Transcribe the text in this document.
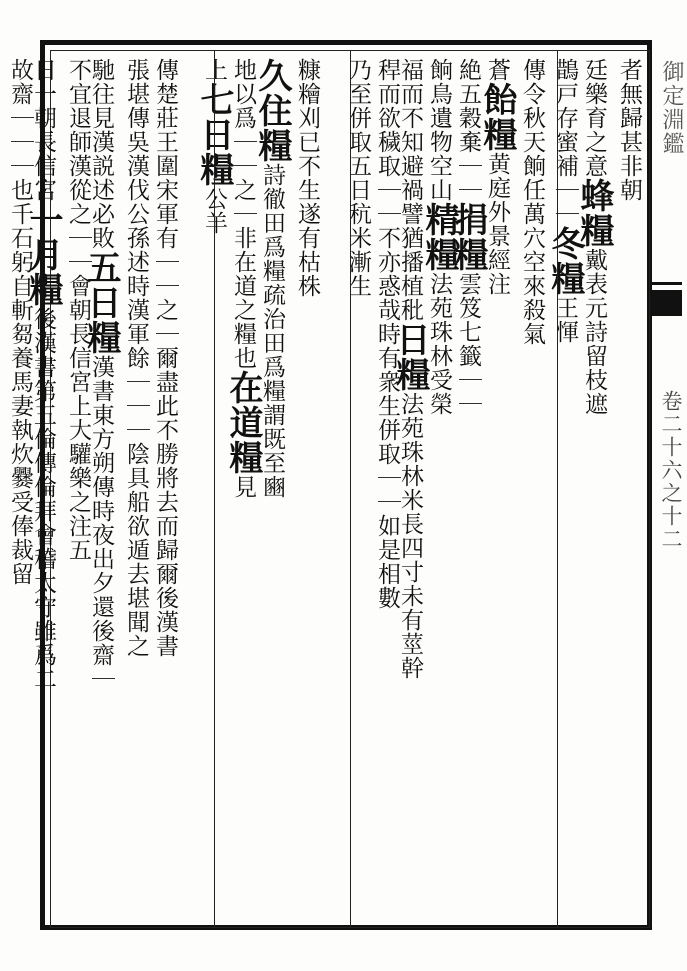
御定淵鑑
卷二十六之十二
者無歸甚非朝
廷樂育之意蜂糧戴表元詩留枝遮
鵲戸存蜜補｜｜冬糧王惲
傳令秋天餉任萬穴空來殺氣
蒼飴糧黄庭外景經注
絶五穀棄｜｜捐糧雲笈七籤｜｜
餉鳥遺物空山精糧法苑珠林受榮
福而不知避禍譬猶播植秕日糧法苑珠林米長四寸未有莖幹
稈而欲穢取｜｜不亦惑哉時有衆生併取｜｜如是相數
乃至併取五日秔米漸生
糠糩刈已不生遂有枯株
久住糧詩徹田爲糧疏治田爲糧謂既至豳
地以爲｜｜之｜非在道之糧也在道糧見
上七日糧公羊
傳楚莊王圍宋軍有｜｜之｜爾盡此不勝將去而歸爾後漢書
張堪傳吳漢伐公孫述時漢軍餘｜｜｜陰具船欲遁去堪聞之
馳往見漢説述必敗五日糧漢書東方朔傳時夜出夕還後齋｜
不宜退師漢從之｜｜會朝長信宮上大驩樂之注五
日一朝長信宮一月糧後漢書第五倫傳倫拜會稽太守雖爲二
故齋｜｜｜也千石躬自斬芻養馬妻執炊爨受俸裁留
